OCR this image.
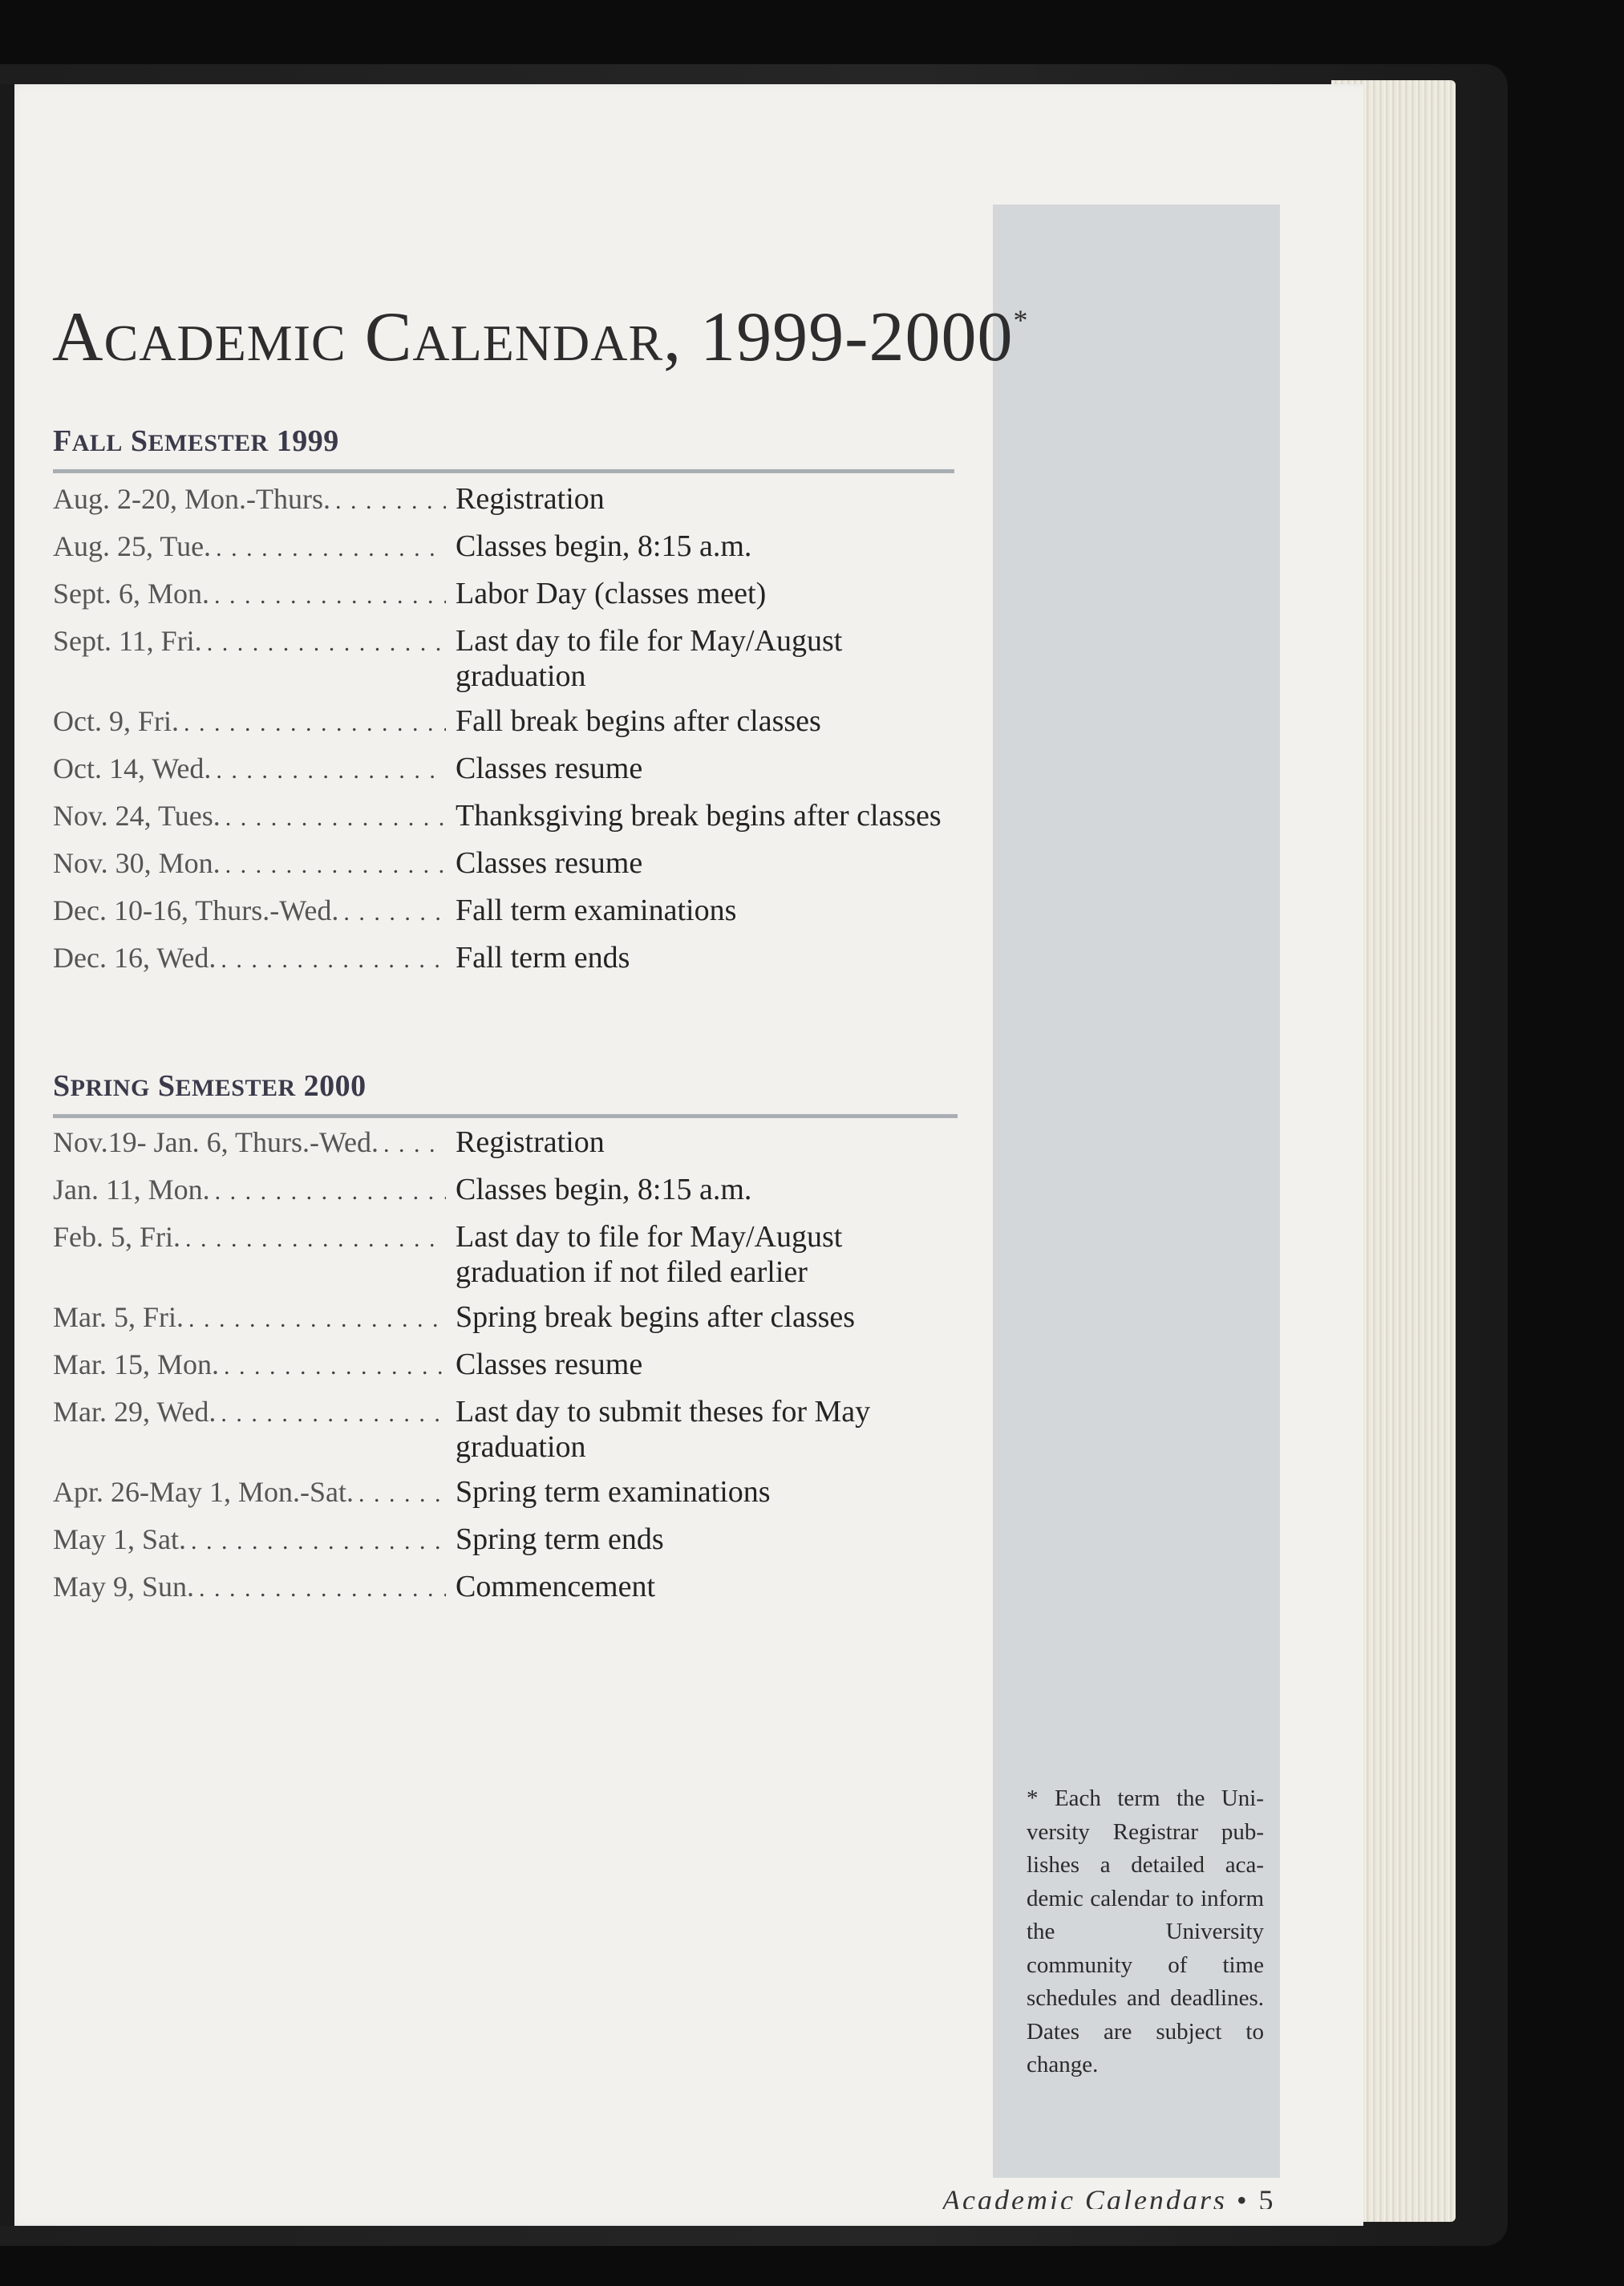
ACADEMIC CALENDAR, 1999-2000*
FALL SEMESTER 1999
Aug. 2-20, Mon.-Thurs. . . .	Registration
Aug. 25, Tue. . . .	Classes begin, 8:15 a.m.
Sept. 6, Mon. . . .	Labor Day (classes meet)
Sept. 11, Fri. . . .	Last day to file for May/August graduation
Oct. 9, Fri. . . .	Fall break begins after classes
Oct. 14, Wed. . . .	Classes resume
Nov. 24, Tues. . . .	Thanksgiving break begins after classes
Nov. 30, Mon. . . .	Classes resume
Dec. 10-16, Thurs.-Wed. . . .	Fall term examinations
Dec. 16, Wed. . . .	Fall term ends
SPRING SEMESTER 2000
Nov.19- Jan. 6, Thurs.-Wed. . . .	Registration
Jan. 11, Mon. . . .	Classes begin, 8:15 a.m.
Feb. 5, Fri. . . .	Last day to file for May/August graduation if not filed earlier
Mar. 5, Fri. . . .	Spring break begins after classes
Mar. 15, Mon. . . .	Classes resume
Mar. 29, Wed. . . .	Last day to submit theses for May graduation
Apr. 26-May 1, Mon.-Sat. . . .	Spring term examinations
May 1, Sat. . . .	Spring term ends
May 9, Sun. . . .	Commencement
* Each term the University Registrar publishes a detailed academic calendar to inform the University community of time schedules and deadlines. Dates are subject to change.
Academic Calendars • 5
